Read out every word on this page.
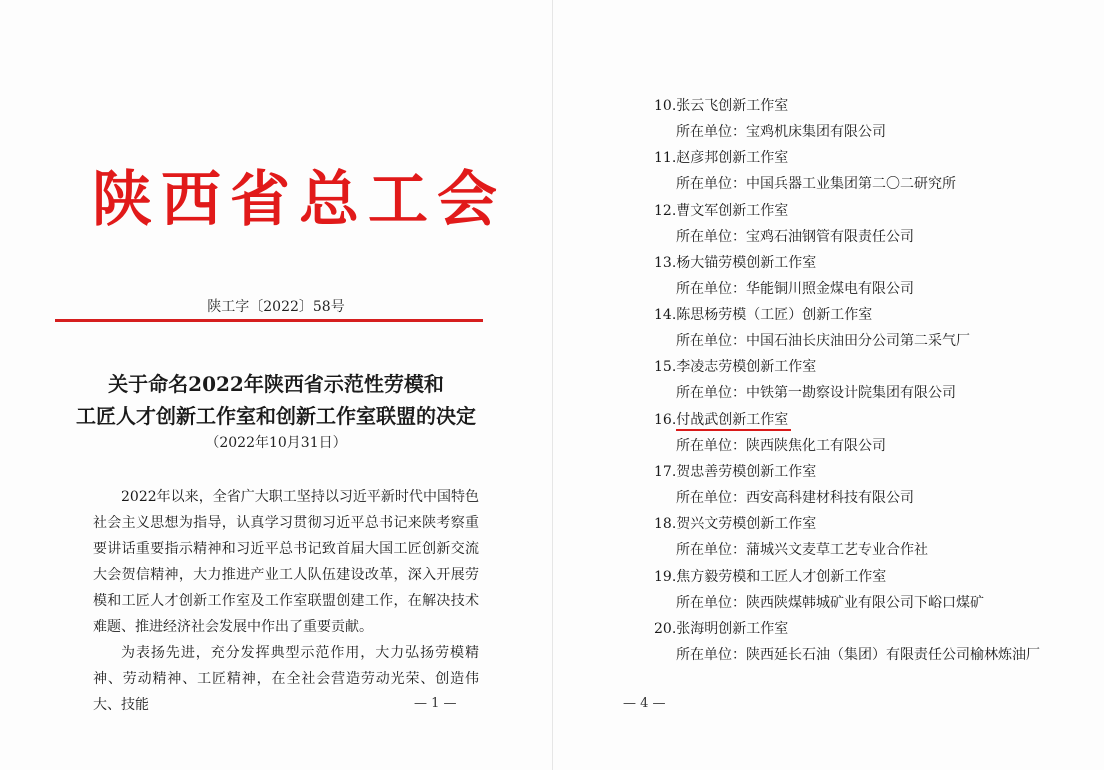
陕西省总工会
陕工字〔2022〕58号
关于命名2022年陕西省示范性劳模和
工匠人才创新工作室和创新工作室联盟的决定
（2022年10月31日）

2022年以来，全省广大职工坚持以习近平新时代中国特色社会主义思想为指导，认真学习贯彻习近平总书记来陕考察重要讲话重要指示精神和习近平总书记致首届大国工匠创新交流大会贺信精神，大力推进产业工人队伍建设改革，深入开展劳模和工匠人才创新工作室及工作室联盟创建工作，在解决技术难题、推进经济社会发展中作出了重要贡献。

为表扬先进，充分发挥典型示范作用，大力弘扬劳模精神、劳动精神、工匠精神，在全社会营造劳动光荣、创造伟大、技能	— 1 —
10.张云飞创新工作室
所在单位：宝鸡机床集团有限公司
11.赵彦邦创新工作室
所在单位：中国兵器工业集团第二〇二研究所
12.曹文军创新工作室
所在单位：宝鸡石油钢管有限责任公司
13.杨大锚劳模创新工作室
所在单位：华能铜川照金煤电有限公司
14.陈思杨劳模（工匠）创新工作室
所在单位：中国石油长庆油田分公司第二采气厂
15.李凌志劳模创新工作室
所在单位：中铁第一勘察设计院集团有限公司
16.付战武创新工作室
所在单位：陕西陕焦化工有限公司
17.贺忠善劳模创新工作室
所在单位：西安高科建材科技有限公司
18.贺兴文劳模创新工作室
所在单位：蒲城兴文麦草工艺专业合作社
19.焦方毅劳模和工匠人才创新工作室
所在单位：陕西陕煤韩城矿业有限公司下峪口煤矿
20.张海明创新工作室
所在单位：陕西延长石油（集团）有限责任公司榆林炼油厂
— 4 —
